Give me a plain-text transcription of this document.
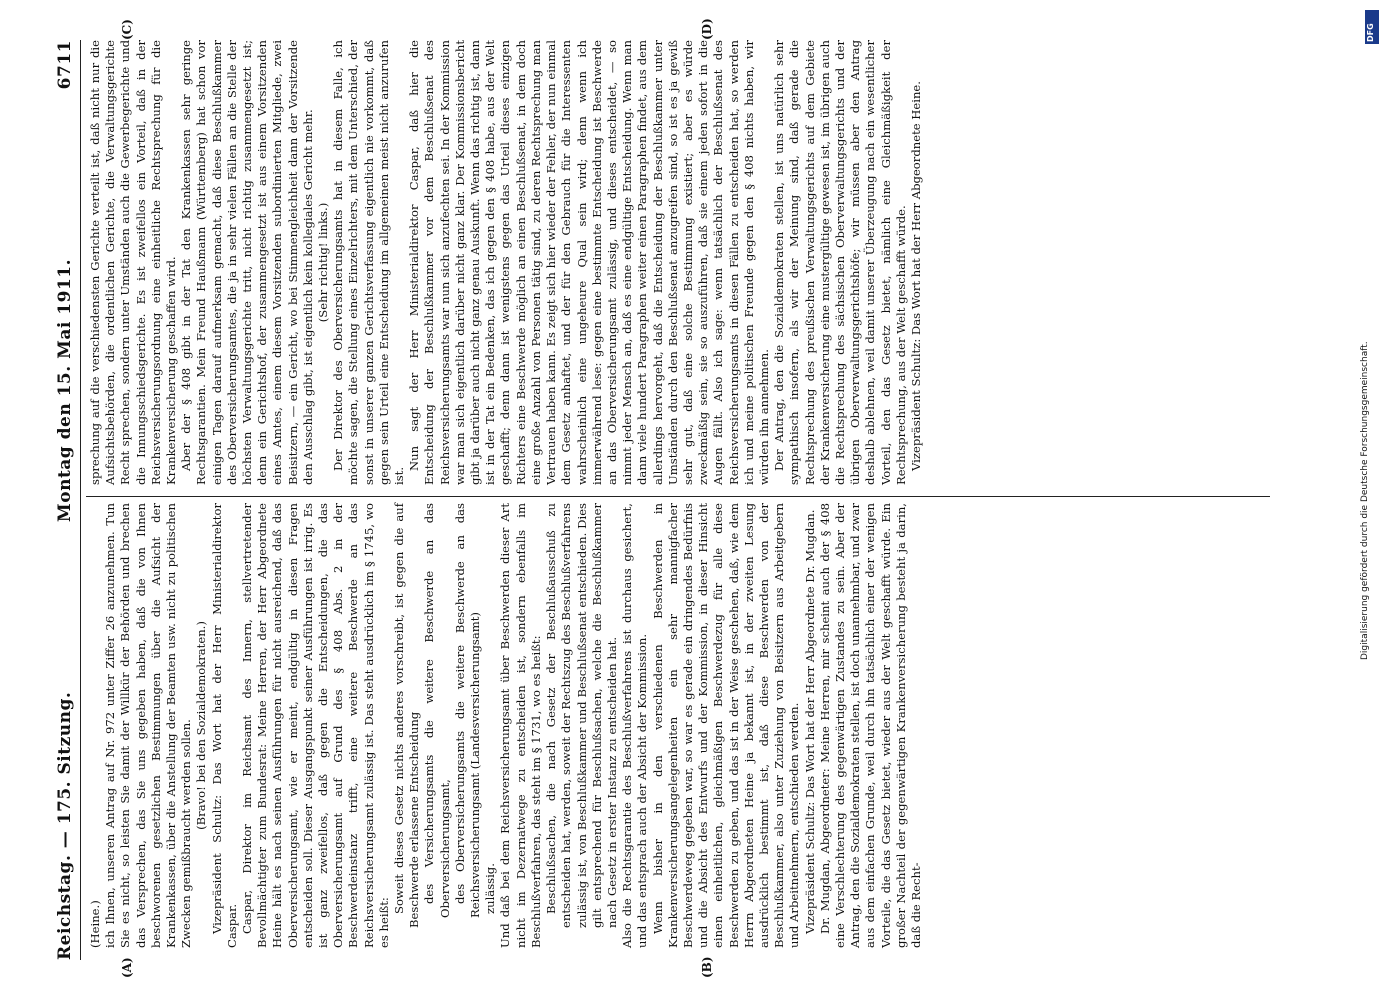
Reichstag. — 175. Sitzung.
Montag den 15. Mai 1911.
6711
(A)	(B)
(C)	(D)

(Heine.) ich Ihnen, unseren Antrag auf Nr. 972 unter Ziffer 26 anzunehmen. Tun Sie es nicht, so leisten Sie damit der Willkür der Behörden und brechen das Versprechen, das Sie uns gegeben haben, daß die von Ihnen beschworenen gesetzlichen Bestimmungen über die Aufsicht der Krankenkassen, über die Anstellung der Beamten usw. nicht zu politischen Zwecken gemißbraucht werden sollen. (Bravo! bei den Sozialdemokraten.) Vizepräsident Schultz: Das Wort hat der Herr Ministerialdirektor Caspar. Caspar, Direktor im Reichsamt des Innern, stellvertretender Bevollmächtigter zum Bundesrat: Meine Herren, der Herr Abgeordnete Heine hält es nach seinen Ausführungen für nicht ausreichend, daß das Oberversicherungsamt, wie er meint, endgültig in diesen Fragen entscheiden soll. Dieser Ausgangspunkt seiner Ausführungen ist irrig. Es ist ganz zweifellos, daß gegen die Entscheidungen, die das Oberversicherungsamt auf Grund des § 408 Abs. 2 in der Beschwerdeinstanz trifft, eine weitere Beschwerde an das Reichsversicherungsamt zulässig ist. Das steht ausdrücklich im § 1745, wo es heißt:

Soweit dieses Gesetz nichts anderes vorschreibt, ist gegen die auf Beschwerde erlassene Entscheidung des Versicherungsamts die weitere Beschwerde an das Oberversicherungsamt, des Oberversicherungsamts die weitere Beschwerde an das Reichsversicherungsamt (Landesversicherungsamt) zulässig. Und daß bei dem Reichsversicherungsamt über Beschwerden dieser Art nicht im Dezernatwege zu entscheiden ist, sondern ebenfalls im Beschlußverfahren, das steht im § 1731, wo es heißt: Beschlußsachen, die nach Gesetz der Beschlußausschuß zu entscheiden hat, werden, soweit der Rechtszug des Beschlußverfahrens zulässig ist, von Beschlußkammer und Beschlußsenat entschieden. Dies gilt entsprechend für Beschlußsachen, welche die Beschlußkammer nach Gesetz in erster Instanz zu entscheiden hat. Also die Rechtsgarantie des Beschlußverfahrens ist durchaus gesichert, und das entsprach auch der Absicht der Kommission. Wenn bisher in den verschiedenen Beschwerden in Krankenversicherungsangelegenheiten ein sehr mannigfacher Beschwerdeweg gegeben war, so war es gerade ein dringendes Bedürfnis und die Absicht des Entwurfs und der Kommission, in dieser Hinsicht einen einheitlichen, gleichmäßigen Beschwerdezug für alle diese Beschwerden zu geben, und das ist in der Weise geschehen, daß, wie dem Herrn Abgeordneten Heine ja bekannt ist, in der zweiten Lesung ausdrücklich bestimmt ist, daß diese Beschwerden von der Beschlußkammer, also unter Zuziehung von Beisitzern aus Arbeitgebern und Arbeitnehmern, entschieden werden. Vizepräsident Schultz: Das Wort hat der Herr Abgeordnete Dr. Mugdan. Dr. Mugdan, Abgeordneter: Meine Herren, mir scheint auch der § 408 eine Verschlechterung des gegenwärtigen Zustandes zu sein. Aber der Antrag, den die Sozialdemokraten stellen, ist doch unannehmbar, und zwar aus dem einfachen Grunde, weil durch ihn tatsächlich einer der wenigen Vorteile, die das Gesetz bietet, wieder aus der Welt geschafft würde. Ein großer Nachteil der gegenwärtigen Krankenversicherung besteht ja darin, daß die Recht-

sprechung auf die verschiedensten Gerichte verteilt ist, daß nicht nur die Aufsichtsbehörden, die ordentlichen Gerichte, die Verwaltungsgerichte Recht sprechen, sondern unter Umständen auch die Gewerbegerichte und die Innungsschiedsgerichte. Es ist zweifellos ein Vorteil, daß in der Reichsversicherungsordnung eine einheitliche Rechtsprechung für die Krankenversicherung geschaffen wird. Aber der § 408 gibt in der Tat den Krankenkassen sehr geringe Rechtsgarantien. Mein Freund Haußmann (Württemberg) hat schon vor einigen Tagen darauf aufmerksam gemacht, daß diese Beschlußkammer des Oberversicherungsamtes, die ja in sehr vielen Fällen an die Stelle der höchsten Verwaltungsgerichte tritt, nicht richtig zusammengesetzt ist; denn ein Gerichtshof, der zusammengesetzt ist aus einem Vorsitzenden eines Amtes, einem diesem Vorsitzenden subordinierten Mitgliede, zwei Beisitzern, — ein Gericht, wo bei Stimmengleichheit dann der Vorsitzende den Ausschlag gibt, ist eigentlich kein kollegiales Gericht mehr. (Sehr richtig! links.) Der Direktor des Oberversicherungsamts hat in diesem Falle, ich möchte sagen, die Stellung eines Einzelrichters, mit dem Unterschied, der sonst in unserer ganzen Gerichtsverfassung eigentlich nie vorkommt, daß gegen sein Urteil eine Entscheidung im allgemeinen meist nicht anzurufen ist.

Nun sagt der Herr Ministerialdirektor Caspar, daß hier die Entscheidung der Beschlußkammer vor dem Beschlußsenat des Reichsversicherungsamts war nun sich anzufechten sei. In der Kommission war man sich eigentlich darüber nicht ganz klar. Der Kommissionsbericht gibt ja darüber auch nicht ganz genau Auskunft. Wenn das richtig ist, dann ist in der Tat ein Bedenken, das ich gegen den § 408 habe, aus der Welt geschafft; denn dann ist wenigstens gegen das Urteil dieses einzigen Richters eine Beschwerde möglich an einen Beschlußsenat, in dem doch eine große Anzahl von Personen tätig sind, zu deren Rechtsprechung man Vertrauen haben kann. Es zeigt sich hier wieder der Fehler, der nun einmal dem Gesetz anhaftet, und der für den Gebrauch für die Interessenten wahrscheinlich eine ungeheure Qual sein wird; denn wenn ich immerwährend lese: gegen eine bestimmte Entscheidung ist Beschwerde an das Oberversicherungsamt zulässig, und dieses entscheidet, — so nimmt jeder Mensch an, daß es eine endgültige Entscheidung. Wenn man dann viele hundert Paragraphen weiter einen Paragraphen findet, aus dem allerdings hervorgeht, daß die Entscheidung der Beschlußkammer unter Umständen durch den Beschlußsenat anzugreifen sind, so ist es ja gewiß sehr gut, daß eine solche Bestimmung existiert; aber es würde zweckmäßig sein, sie so auszuführen, daß sie einem jeden sofort in die Augen fällt. Also ich sage: wenn tatsächlich der Beschlußsenat des Reichsversicherungsamts in diesen Fällen zu entscheiden hat, so werden ich und meine politischen Freunde gegen den § 408 nichts haben, wir würden ihn annehmen. Der Antrag, den die Sozialdemokraten stellen, ist uns natürlich sehr sympathisch insofern, als wir der Meinung sind, daß gerade die Rechtsprechung des preußischen Verwaltungsgerichts auf dem Gebiete der Krankenversicherung eine mustergültige gewesen ist, im übrigen auch die Rechtsprechung des sächsischen Oberverwaltungsgerichts und der übrigen Oberverwaltungsgerichtshöfe; wir müssen aber den Antrag deshalb ablehnen, weil damit unserer Überzeugung nach ein wesentlicher Vorteil, den das Gesetz bietet, nämlich eine Gleichmäßigkeit der Rechtsprechung, aus der Welt geschafft würde. Vizepräsident Schultz: Das Wort hat der Herr Abgeordnete Heine.

DFG
Digitalisierung gefördert durch die Deutsche Forschungsgemeinschaft.
